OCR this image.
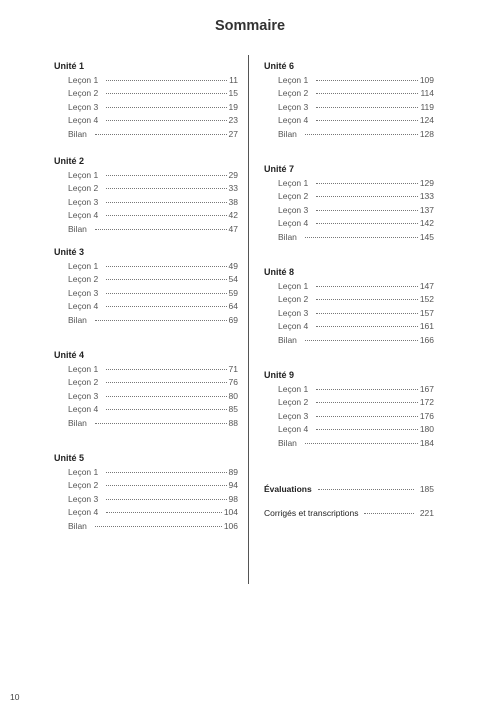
Sommaire
Unité 1
Leçon 1	11
Leçon 2	15
Leçon 3	19
Leçon 4	23
Bilan	27
Unité 2
Leçon 1	29
Leçon 2	33
Leçon 3	38
Leçon 4	42
Bilan	47
Unité 3
Leçon 1	49
Leçon 2	54
Leçon 3	59
Leçon 4	64
Bilan	69
Unité 4
Leçon 1	71
Leçon 2	76
Leçon 3	80
Leçon 4	85
Bilan	88
Unité 5
Leçon 1	89
Leçon 2	94
Leçon 3	98
Leçon 4	104
Bilan	106
Unité 6
Leçon 1	109
Leçon 2	114
Leçon 3	119
Leçon 4	124
Bilan	128
Unité 7
Leçon 1	129
Leçon 2	133
Leçon 3	137
Leçon 4	142
Bilan	145
Unité 8
Leçon 1	147
Leçon 2	152
Leçon 3	157
Leçon 4	161
Bilan	166
Unité 9
Leçon 1	167
Leçon 2	172
Leçon 3	176
Leçon 4	180
Bilan	184
Évaluations	185
Corrigés et transcriptions	221
10
